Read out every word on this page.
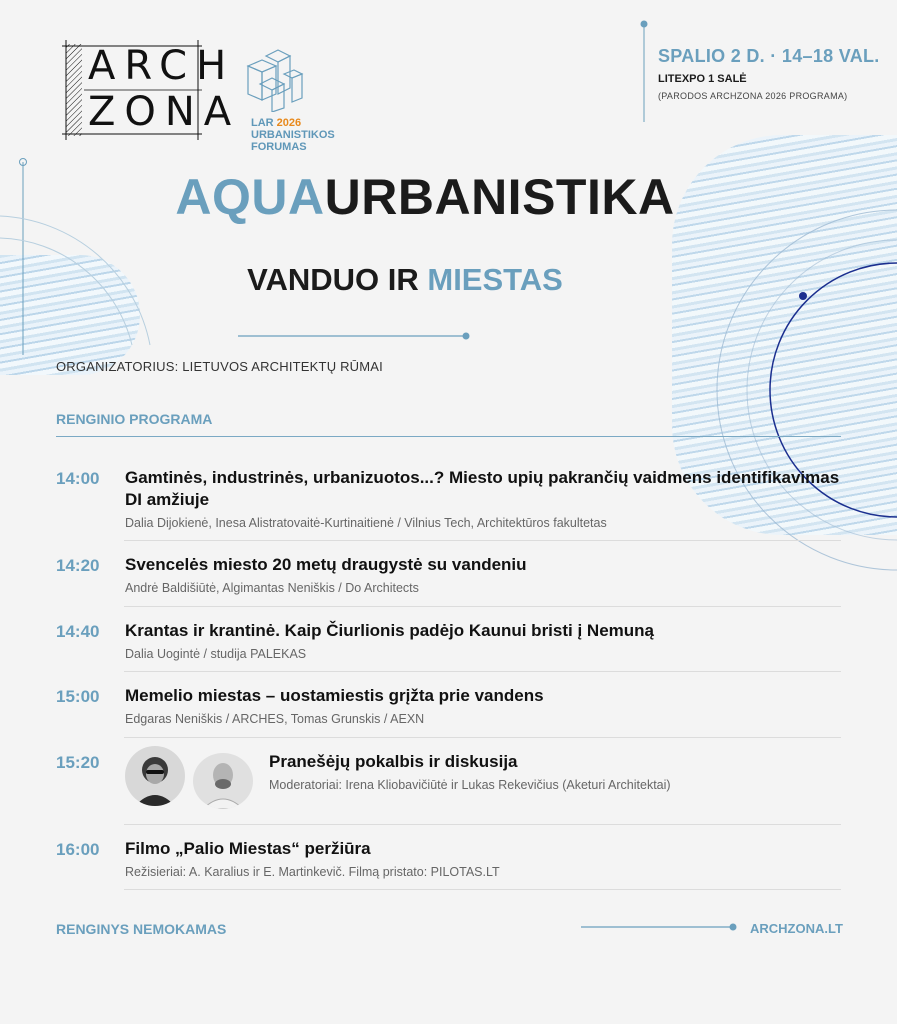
ARCH
ZONA LAR 2026
URBANISTIKOS
FORUMAS
SPALIO 2 D. · 14–18 VAL.
LITEXPO 1 SALĖ
(PARODOS ARCHZONA 2026 PROGRAMA)
AQUAURBANISTIKA
VANDUO IR MIESTAS
ORGANIZATORIUS: LIETUVOS ARCHITEKTŲ RŪMAI
RENGINIO PROGRAMA
14:00 Gamtinės, industrinės, urbanizuotos...? Miesto upių pakrančių vaidmens identifikavimas DI amžiuje
Dalia Dijokienė, Inesa Alistratovaitė-Kurtinaitienė / Vilnius Tech, Architektūros fakultetas
14:20 Svencelės miesto 20 metų draugystė su vandeniu
Andrė Baldišiūtė, Algimantas Neniškis / Do Architects
14:40 Krantas ir krantinė. Kaip Čiurlionis padėjo Kaunui bristi į Nemuną
Dalia Uogintė / studija PALEKAS
15:00 Memelio miestas – uostamiestis grįžta prie vandens
Edgaras Neniškis / ARCHES, Tomas Grunskis / AEXN
15:20	Pranešėjų pokalbis ir diskusija
Moderatoriai: Irena Kliobavičiūtė ir Lukas Rekevičius (Aketuri Architektai)
16:00 Filmo „Palio Miestas“ peržiūra
Režisieriai: A. Karalius ir E. Martinkevič. Filmą pristato: PILOTAS.LT
RENGINYS NEMOKAMAS	ARCHZONA.LT
